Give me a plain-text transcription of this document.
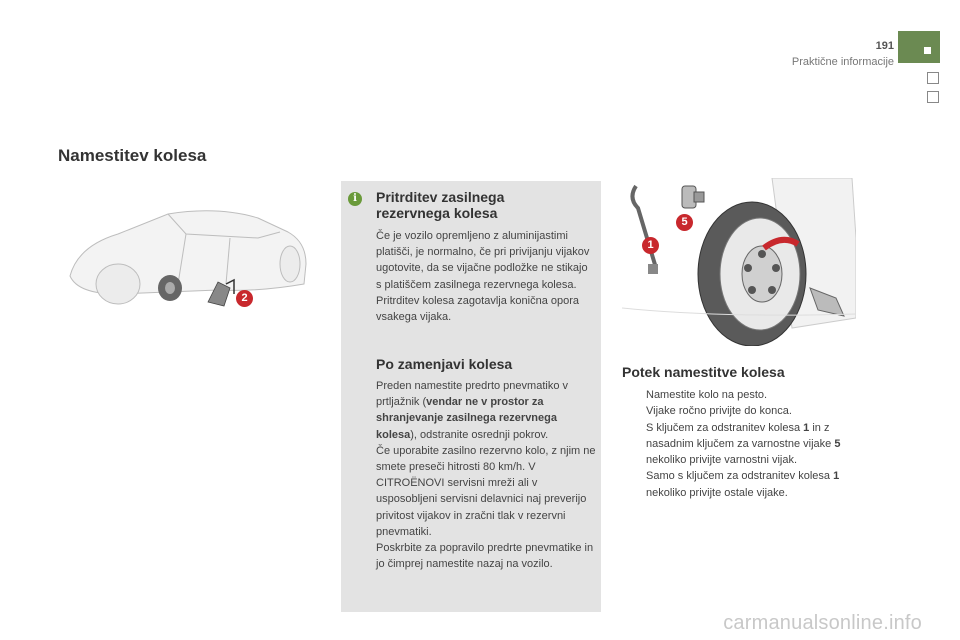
191
Praktične informacije
Namestitev kolesa
2
i	Pritrditev zasilnega
rezervnega kolesa
Če je vozilo opremljeno z aluminijastimi platišči, je normalno, če pri privijanju vijakov ugotovite, da se vijačne podložke ne stikajo s platiščem zasilnega rezervnega kolesa. Pritrditev kolesa zagotavlja konična opora vsakega vijaka.
Po zamenjavi kolesa
Preden namestite predrto pnevmatiko v prtljažnik (vendar ne v prostor za shranjevanje zasilnega rezervnega kolesa), odstranite osrednji pokrov.
Če uporabite zasilno rezervno kolo, z njim ne smete preseči hitrosti 80 km/h. V CITROËNOVI servisni mreži ali v usposobljeni servisni delavnici naj preverijo privitost vijakov in zračni tlak v rezervni pnevmatiki.
Poskrbite za popravilo predrte pnevmatike in jo čimprej namestite nazaj na vozilo.
1
5
Potek namestitve kolesa
Namestite kolo na pesto.
Vijake ročno privijte do konca.
S ključem za odstranitev kolesa 1 in z nasadnim ključem za varnostne vijake 5 nekoliko privijte varnostni vijak.
Samo s ključem za odstranitev kolesa 1 nekoliko privijte ostale vijake.
carmanualsonline.info
